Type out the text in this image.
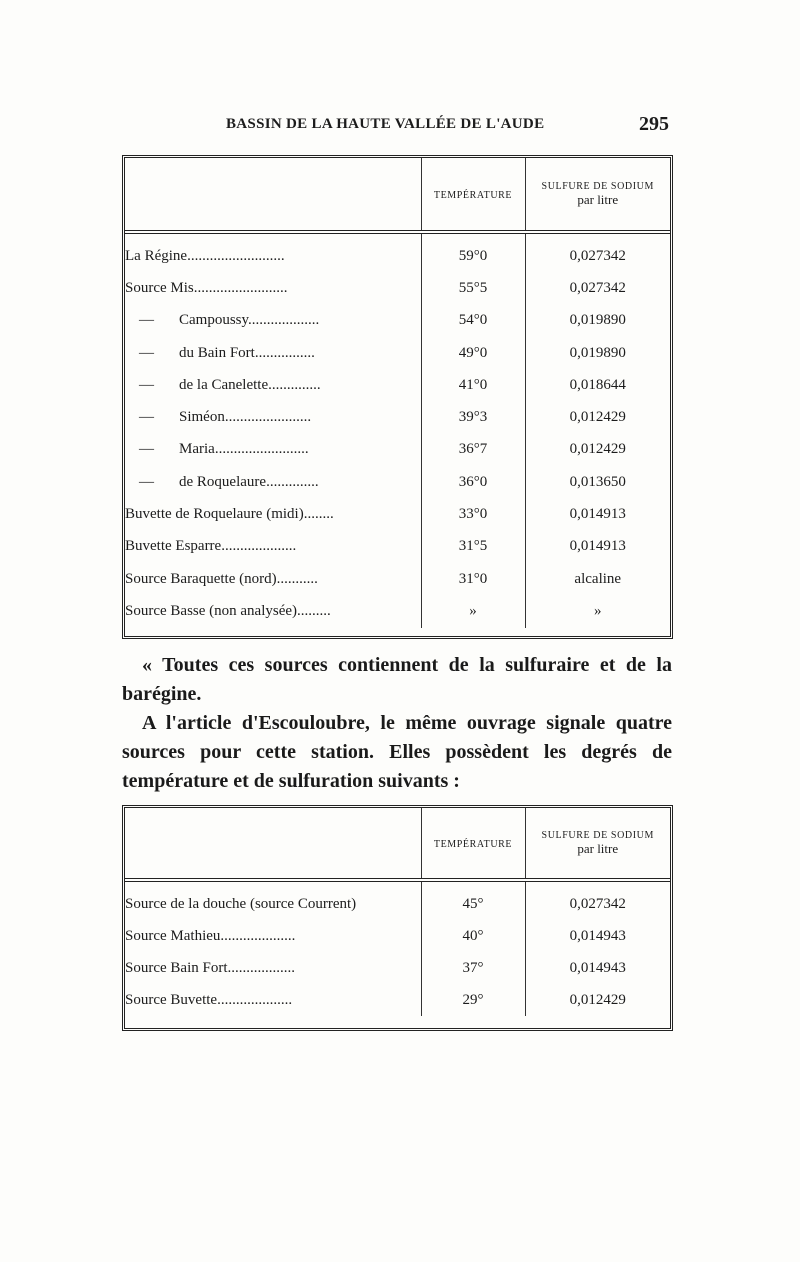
BASSIN DE LA HAUTE VALLÉE DE L'AUDE	295
	TEMPÉRATURE	SULFURE DE SODIUM
par litre

La Régine..........................	59°0	0,027342
Source Mis.........................	55°5	0,027342
— Campoussy...................	54°0	0,019890
— du Bain Fort................	49°0	0,019890
— de la Canelette..............	41°0	0,018644
— Siméon.......................	39°3	0,012429
— Maria.........................	36°7	0,012429
— de Roquelaure..............	36°0	0,013650
Buvette de Roquelaure (midi)........	33°0	0,014913
Buvette Esparre....................	31°5	0,014913
Source Baraquette (nord)...........	31°0	alcaline
Source Basse (non analysée).........	»	»

« Toutes ces sources contiennent de la sulfuraire et de la barégine.

A l'article d'Escouloubre, le même ouvrage signale quatre sources pour cette station. Elles possèdent les degrés de température et de sulfuration suivants :

	TEMPÉRATURE	SULFURE DE SODIUM
par litre

Source de la douche (source Courrent)	45°	0,027342
Source Mathieu....................	40°	0,014943
Source Bain Fort..................	37°	0,014943
Source Buvette....................	29°	0,012429
